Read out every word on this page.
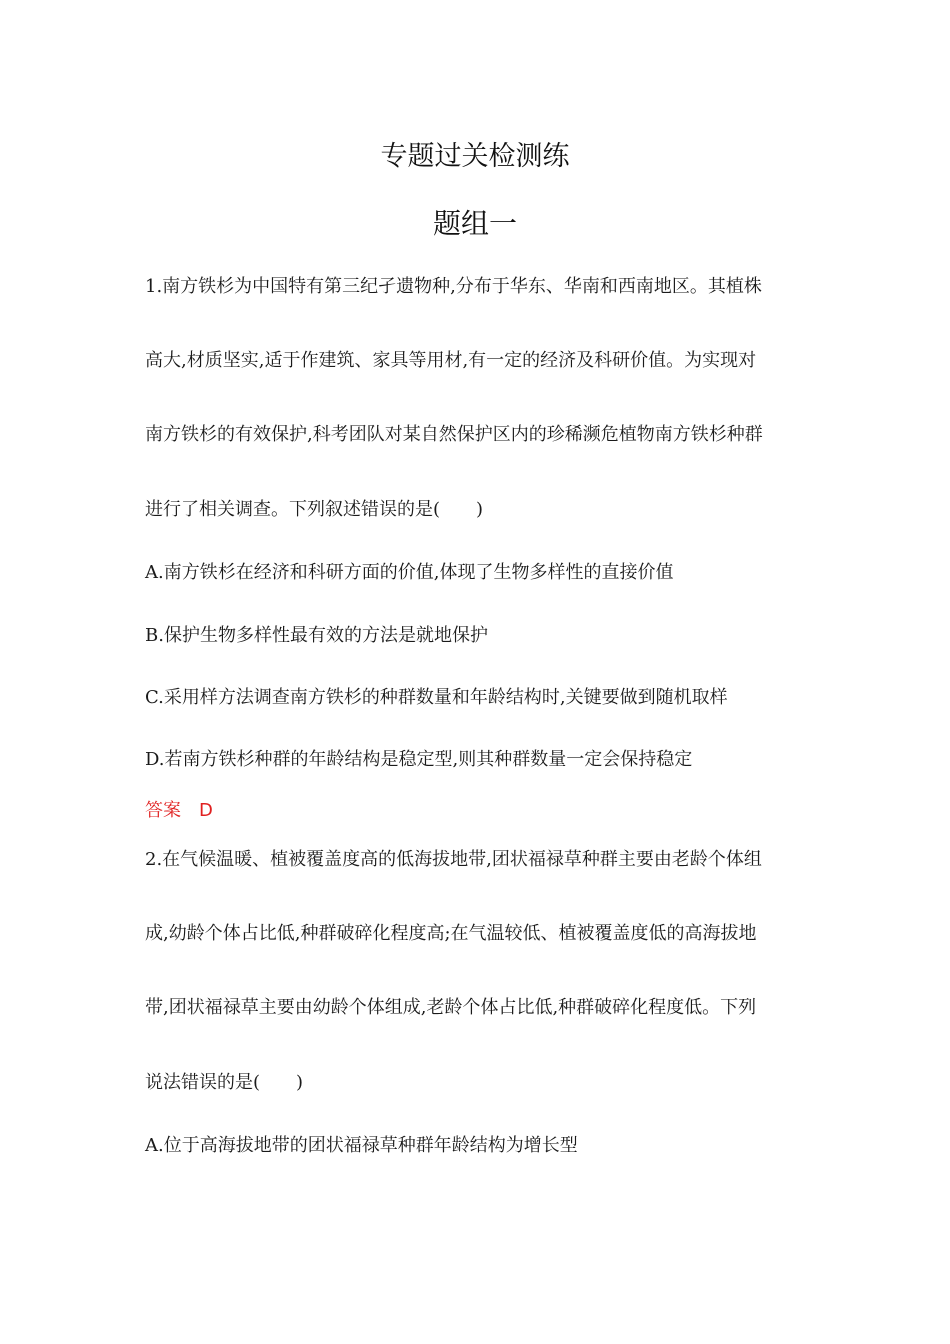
专题过关检测练
题组一
1.南方铁杉为中国特有第三纪孑遗物种,分布于华东、华南和西南地区。其植株
高大,材质坚实,适于作建筑、家具等用材,有一定的经济及科研价值。为实现对
南方铁杉的有效保护,科考团队对某自然保护区内的珍稀濒危植物南方铁杉种群
进行了相关调查。下列叙述错误的是(　　)
A.南方铁杉在经济和科研方面的价值,体现了生物多样性的直接价值
B.保护生物多样性最有效的方法是就地保护
C.采用样方法调查南方铁杉的种群数量和年龄结构时,关键要做到随机取样
D.若南方铁杉种群的年龄结构是稳定型,则其种群数量一定会保持稳定
答案 D
2.在气候温暖、植被覆盖度高的低海拔地带,团状福禄草种群主要由老龄个体组
成,幼龄个体占比低,种群破碎化程度高;在气温较低、植被覆盖度低的高海拔地
带,团状福禄草主要由幼龄个体组成,老龄个体占比低,种群破碎化程度低。下列
说法错误的是(　　)
A.位于高海拔地带的团状福禄草种群年龄结构为增长型
